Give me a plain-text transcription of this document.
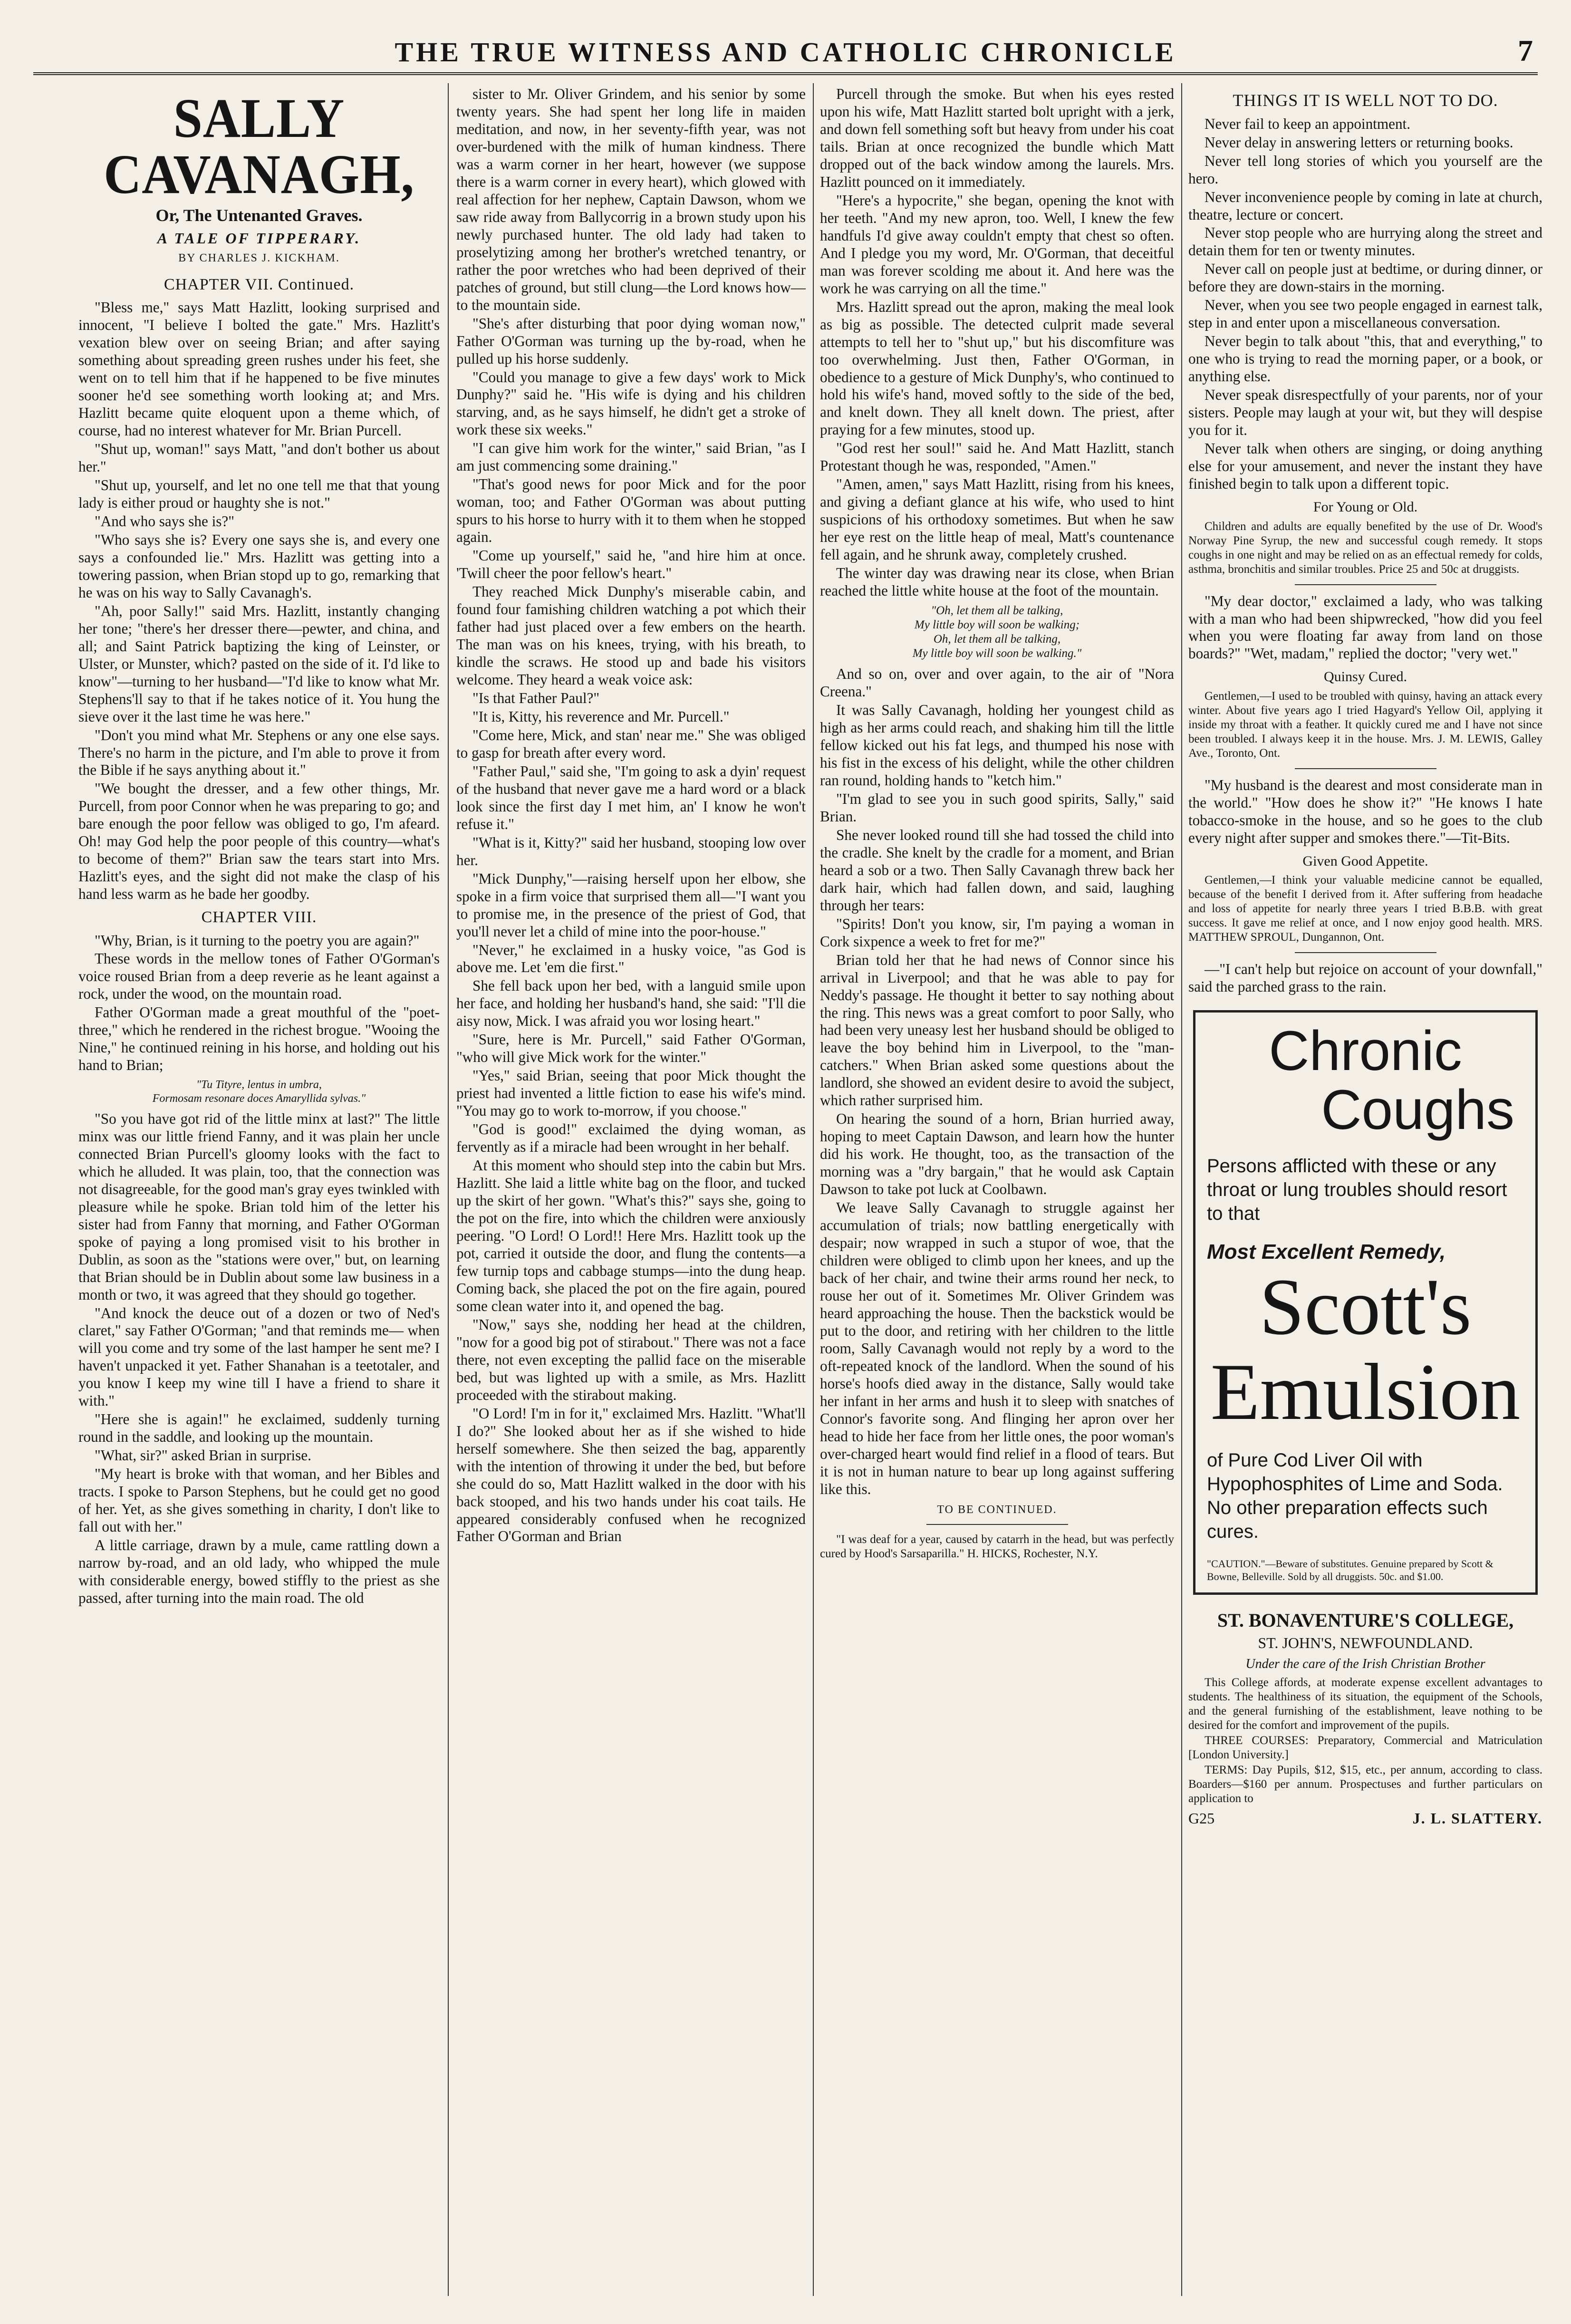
THE TRUE WITNESS AND CATHOLIC CHRONICLE	7
SALLY CAVANAGH,
Or, The Untenanted Graves.
A TALE OF TIPPERARY.
BY CHARLES J. KICKHAM.
CHAPTER VII. Continued.

"Bless me," says Matt Hazlitt, looking surprised and innocent, "I believe I bolted the gate." Mrs. Hazlitt's vexation blew over on seeing Brian; and after saying something about spreading green rushes under his feet, she went on to tell him that if he happened to be five minutes sooner he'd see something worth looking at; and Mrs. Hazlitt became quite eloquent upon a theme which, of course, had no interest whatever for Mr. Brian Purcell.

"Shut up, woman!" says Matt, "and don't bother us about her."

"Shut up, yourself, and let no one tell me that that young lady is either proud or haughty she is not."

"And who says she is?"

"Who says she is? Every one says she is, and every one says a confounded lie." Mrs. Hazlitt was getting into a towering passion, when Brian stopd up to go, remarking that he was on his way to Sally Cavanagh's.

"Ah, poor Sally!" said Mrs. Hazlitt, instantly changing her tone; "there's her dresser there—pewter, and china, and all; and Saint Patrick baptizing the king of Leinster, or Ulster, or Munster, which? pasted on the side of it. I'd like to know"—turning to her husband—"I'd like to know what Mr. Stephens'll say to that if he takes notice of it. You hung the sieve over it the last time he was here."

"Don't you mind what Mr. Stephens or any one else says. There's no harm in the picture, and I'm able to prove it from the Bible if he says anything about it."

"We bought the dresser, and a few other things, Mr. Purcell, from poor Connor when he was preparing to go; and bare enough the poor fellow was obliged to go, I'm afeard. Oh! may God help the poor people of this country—what's to become of them?" Brian saw the tears start into Mrs. Hazlitt's eyes, and the sight did not make the clasp of his hand less warm as he bade her goodby.

CHAPTER VIII.

"Why, Brian, is it turning to the poetry you are again?"

These words in the mellow tones of Father O'Gorman's voice roused Brian from a deep reverie as he leant against a rock, under the wood, on the mountain road.

Father O'Gorman made a great mouthful of the "poet-three," which he rendered in the richest brogue. "Wooing the Nine," he continued reining in his horse, and holding out his hand to Brian;

"Tu Tityre, lentus in umbra,
Formosam resonare doces Amaryllida sylvas."

"So you have got rid of the little minx at last?" The little minx was our little friend Fanny, and it was plain her uncle connected Brian Purcell's gloomy looks with the fact to which he alluded. It was plain, too, that the connection was not disagreeable, for the good man's gray eyes twinkled with pleasure while he spoke. Brian told him of the letter his sister had from Fanny that morning, and Father O'Gorman spoke of paying a long promised visit to his brother in Dublin, as soon as the "stations were over," but, on learning that Brian should be in Dublin about some law business in a month or two, it was agreed that they should go together.

"And knock the deuce out of a dozen or two of Ned's claret," say Father O'Gorman; "and that reminds me— when will you come and try some of the last hamper he sent me? I haven't unpacked it yet. Father Shanahan is a teetotaler, and you know I keep my wine till I have a friend to share it with."

"Here she is again!" he exclaimed, suddenly turning round in the saddle, and looking up the mountain.

"What, sir?" asked Brian in surprise.

"My heart is broke with that woman, and her Bibles and tracts. I spoke to Parson Stephens, but he could get no good of her. Yet, as she gives something in charity, I don't like to fall out with her."

A little carriage, drawn by a mule, came rattling down a narrow by-road, and an old lady, who whipped the mule with considerable energy, bowed stiffly to the priest as she passed, after turning into the main road. The old

sister to Mr. Oliver Grindem, and his senior by some twenty years. She had spent her long life in maiden meditation, and now, in her seventy-fifth year, was not over-burdened with the milk of human kindness. There was a warm corner in her heart, however (we suppose there is a warm corner in every heart), which glowed with real affection for her nephew, Captain Dawson, whom we saw ride away from Ballycorrig in a brown study upon his newly purchased hunter. The old lady had taken to proselytizing among her brother's wretched tenantry, or rather the poor wretches who had been deprived of their patches of ground, but still clung—the Lord knows how—to the mountain side.

"She's after disturbing that poor dying woman now," Father O'Gorman was turning up the by-road, when he pulled up his horse suddenly.

"Could you manage to give a few days' work to Mick Dunphy?" said he. "His wife is dying and his children starving, and, as he says himself, he didn't get a stroke of work these six weeks."

"I can give him work for the winter," said Brian, "as I am just commencing some draining."

"That's good news for poor Mick and for the poor woman, too; and Father O'Gorman was about putting spurs to his horse to hurry with it to them when he stopped again.

"Come up yourself," said he, "and hire him at once. 'Twill cheer the poor fellow's heart."

They reached Mick Dunphy's miserable cabin, and found four famishing children watching a pot which their father had just placed over a few embers on the hearth. The man was on his knees, trying, with his breath, to kindle the scraws. He stood up and bade his visitors welcome. They heard a weak voice ask:

"Is that Father Paul?"

"It is, Kitty, his reverence and Mr. Purcell."

"Come here, Mick, and stan' near me." She was obliged to gasp for breath after every word.

"Father Paul," said she, "I'm going to ask a dyin' request of the husband that never gave me a hard word or a black look since the first day I met him, an' I know he won't refuse it."

"What is it, Kitty?" said her husband, stooping low over her.

"Mick Dunphy,"—raising herself upon her elbow, she spoke in a firm voice that surprised them all—"I want you to promise me, in the presence of the priest of God, that you'll never let a child of mine into the poor-house."

"Never," he exclaimed in a husky voice, "as God is above me. Let 'em die first."

She fell back upon her bed, with a languid smile upon her face, and holding her husband's hand, she said: "I'll die aisy now, Mick. I was afraid you wor losing heart."

"Sure, here is Mr. Purcell," said Father O'Gorman, "who will give Mick work for the winter."

"Yes," said Brian, seeing that poor Mick thought the priest had invented a little fiction to ease his wife's mind. "You may go to work to-morrow, if you choose."

"God is good!" exclaimed the dying woman, as fervently as if a miracle had been wrought in her behalf.

At this moment who should step into the cabin but Mrs. Hazlitt. She laid a little white bag on the floor, and tucked up the skirt of her gown. "What's this?" says she, going to the pot on the fire, into which the children were anxiously peering. "O Lord! O Lord!! Here Mrs. Hazlitt took up the pot, carried it outside the door, and flung the contents—a few turnip tops and cabbage stumps—into the dung heap. Coming back, she placed the pot on the fire again, poured some clean water into it, and opened the bag.

"Now," says she, nodding her head at the children, "now for a good big pot of stirabout." There was not a face there, not even excepting the pallid face on the miserable bed, but was lighted up with a smile, as Mrs. Hazlitt proceeded with the stirabout making.

"O Lord! I'm in for it," exclaimed Mrs. Hazlitt. "What'll I do?" She looked about her as if she wished to hide herself somewhere. She then seized the bag, apparently with the intention of throwing it under the bed, but before she could do so, Matt Hazlitt walked in the door with his back stooped, and his two hands under his coat tails. He appeared considerably confused when he recognized Father O'Gorman and Brian

Purcell through the smoke. But when his eyes rested upon his wife, Matt Hazlitt started bolt upright with a jerk, and down fell something soft but heavy from under his coat tails. Brian at once recognized the bundle which Matt dropped out of the back window among the laurels. Mrs. Hazlitt pounced on it immediately.

"Here's a hypocrite," she began, opening the knot with her teeth. "And my new apron, too. Well, I knew the few handfuls I'd give away couldn't empty that chest so often. And I pledge you my word, Mr. O'Gorman, that deceitful man was forever scolding me about it. And here was the work he was carrying on all the time."

Mrs. Hazlitt spread out the apron, making the meal look as big as possible. The detected culprit made several attempts to tell her to "shut up," but his discomfiture was too overwhelming. Just then, Father O'Gorman, in obedience to a gesture of Mick Dunphy's, who continued to hold his wife's hand, moved softly to the side of the bed, and knelt down. They all knelt down. The priest, after praying for a few minutes, stood up.

"God rest her soul!" said he. And Matt Hazlitt, stanch Protestant though he was, responded, "Amen."

"Amen, amen," says Matt Hazlitt, rising from his knees, and giving a defiant glance at his wife, who used to hint suspicions of his orthodoxy sometimes. But when he saw her eye rest on the little heap of meal, Matt's countenance fell again, and he shrunk away, completely crushed.

The winter day was drawing near its close, when Brian reached the little white house at the foot of the mountain.

"Oh, let them all be talking,
My little boy will soon be walking;
Oh, let them all be talking,
My little boy will soon be walking."

And so on, over and over again, to the air of "Nora Creena."

It was Sally Cavanagh, holding her youngest child as high as her arms could reach, and shaking him till the little fellow kicked out his fat legs, and thumped his nose with his fist in the excess of his delight, while the other children ran round, holding hands to "ketch him."

"I'm glad to see you in such good spirits, Sally," said Brian.

She never looked round till she had tossed the child into the cradle. She knelt by the cradle for a moment, and Brian heard a sob or a two. Then Sally Cavanagh threw back her dark hair, which had fallen down, and said, laughing through her tears:

"Spirits! Don't you know, sir, I'm paying a woman in Cork sixpence a week to fret for me?"

Brian told her that he had news of Connor since his arrival in Liverpool; and that he was able to pay for Neddy's passage. He thought it better to say nothing about the ring. This news was a great comfort to poor Sally, who had been very uneasy lest her husband should be obliged to leave the boy behind him in Liverpool, to the "man-catchers." When Brian asked some questions about the landlord, she showed an evident desire to avoid the subject, which rather surprised him.

On hearing the sound of a horn, Brian hurried away, hoping to meet Captain Dawson, and learn how the hunter did his work. He thought, too, as the transaction of the morning was a "dry bargain," that he would ask Captain Dawson to take pot luck at Coolbawn.

We leave Sally Cavanagh to struggle against her accumulation of trials; now battling energetically with despair; now wrapped in such a stupor of woe, that the children were obliged to climb upon her knees, and up the back of her chair, and twine their arms round her neck, to rouse her out of it. Sometimes Mr. Oliver Grindem was heard approaching the house. Then the backstick would be put to the door, and retiring with her children to the little room, Sally Cavanagh would not reply by a word to the oft-repeated knock of the landlord. When the sound of his horse's hoofs died away in the distance, Sally would take her infant in her arms and hush it to sleep with snatches of Connor's favorite song. And flinging her apron over her head to hide her face from her little ones, the poor woman's over-charged heart would find relief in a flood of tears. But it is not in human nature to bear up long against suffering like this.

TO BE CONTINUED.

"I was deaf for a year, caused by catarrh in the head, but was perfectly cured by Hood's Sarsaparilla." H. HICKS, Rochester, N.Y.

THINGS IT IS WELL NOT TO DO.

Never fail to keep an appointment.

Never delay in answering letters or returning books.

Never tell long stories of which you yourself are the hero.

Never inconvenience people by coming in late at church, theatre, lecture or concert.

Never stop people who are hurrying along the street and detain them for ten or twenty minutes.

Never call on people just at bedtime, or during dinner, or before they are down-stairs in the morning.

Never, when you see two people engaged in earnest talk, step in and enter upon a miscellaneous conversation.

Never begin to talk about "this, that and everything," to one who is trying to read the morning paper, or a book, or anything else.

Never speak disrespectfully of your parents, nor of your sisters. People may laugh at your wit, but they will despise you for it.

Never talk when others are singing, or doing anything else for your amusement, and never the instant they have finished begin to talk upon a different topic.

For Young or Old.

Children and adults are equally benefited by the use of Dr. Wood's Norway Pine Syrup, the new and successful cough remedy. It stops coughs in one night and may be relied on as an effectual remedy for colds, asthma, bronchitis and similar troubles. Price 25 and 50c at druggists.

"My dear doctor," exclaimed a lady, who was talking with a man who had been shipwrecked, "how did you feel when you were floating far away from land on those boards?" "Wet, madam," replied the doctor; "very wet."

Quinsy Cured.

Gentlemen,—I used to be troubled with quinsy, having an attack every winter. About five years ago I tried Hagyard's Yellow Oil, applying it inside my throat with a feather. It quickly cured me and I have not since been troubled. I always keep it in the house. Mrs. J. M. LEWIS, Galley Ave., Toronto, Ont.

"My husband is the dearest and most considerate man in the world." "How does he show it?" "He knows I hate tobacco-smoke in the house, and so he goes to the club every night after supper and smokes there."—Tit-Bits.

Given Good Appetite.

Gentlemen,—I think your valuable medicine cannot be equalled, because of the benefit I derived from it. After suffering from headache and loss of appetite for nearly three years I tried B.B.B. with great success. It gave me relief at once, and I now enjoy good health. MRS. MATTHEW SPROUL, Dungannon, Ont.

—"I can't help but rejoice on account of your downfall," said the parched grass to the rain.

Chronic
Coughs
Persons afflicted with these or any throat or lung troubles should resort to that
Most Excellent Remedy,
Scott's
Emulsion
of Pure Cod Liver Oil with Hypophosphites of Lime and Soda. No other preparation effects such cures.
"CAUTION."—Beware of substitutes. Genuine prepared by Scott & Bowne, Belleville. Sold by all druggists. 50c. and $1.00.
ST. BONAVENTURE'S COLLEGE,
ST. JOHN'S, NEWFOUNDLAND.
Under the care of the Irish Christian Brother

This College affords, at moderate expense excellent advantages to students. The healthiness of its situation, the equipment of the Schools, and the general furnishing of the establishment, leave nothing to be desired for the comfort and improvement of the pupils.

THREE COURSES: Preparatory, Commercial and Matriculation [London University.]

TERMS: Day Pupils, $12, $15, etc., per annum, according to class. Boarders—$160 per annum. Prospectuses and further particulars on application to

G25	J. L. SLATTERY.
